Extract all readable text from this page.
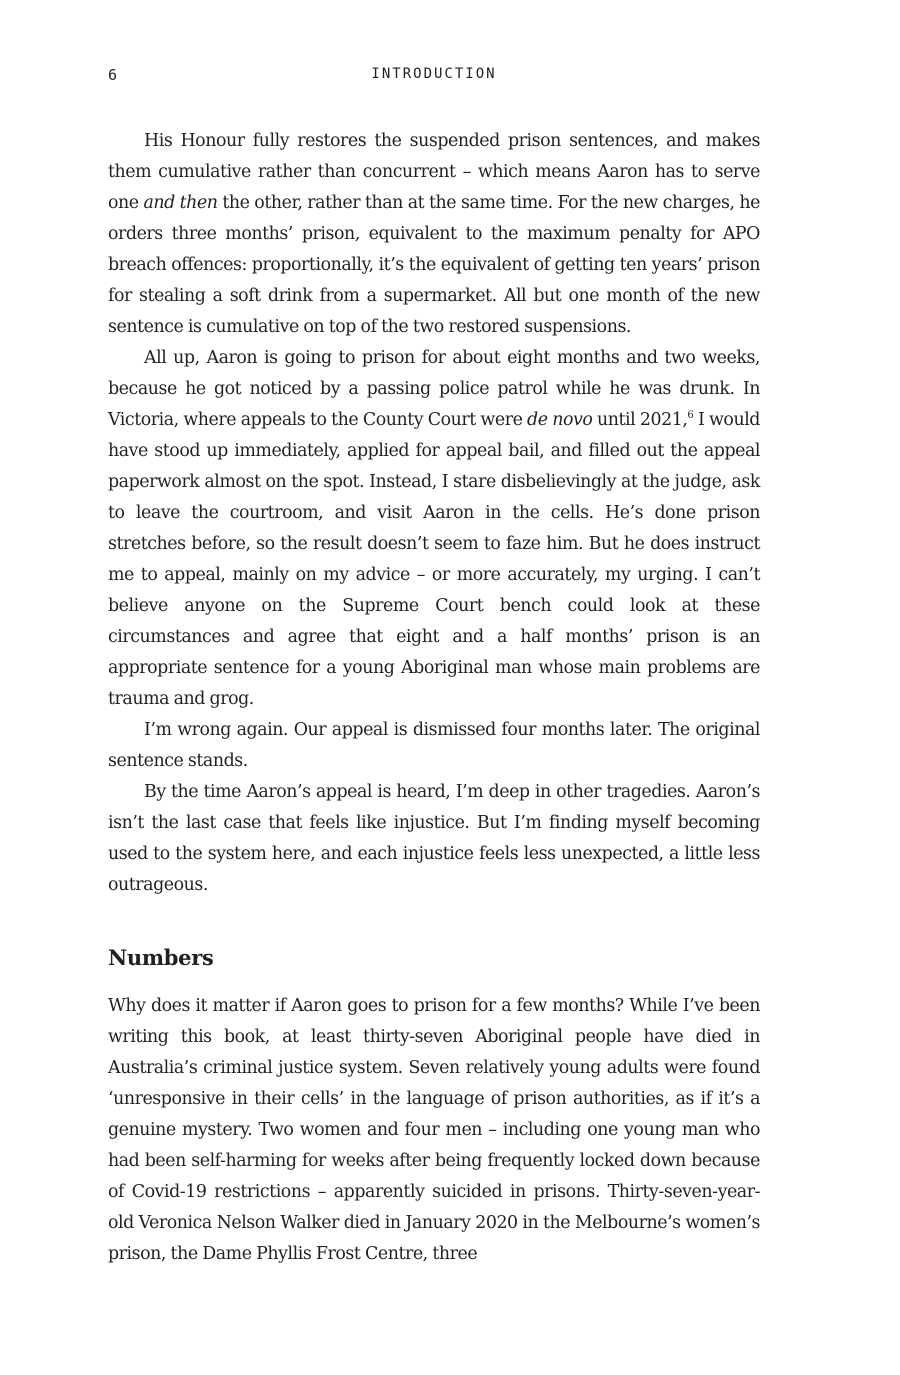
6	INTRODUCTION

His Honour fully restores the suspended prison sentences, and makes them cumulative rather than concurrent – which means Aaron has to serve one and then the other, rather than at the same time. For the new charges, he orders three months’ prison, equivalent to the maximum penalty for APO breach offences: proportionally, it’s the equivalent of getting ten years’ prison for stealing a soft drink from a supermarket. All but one month of the new sentence is cumulative on top of the two restored suspensions.

All up, Aaron is going to prison for about eight months and two weeks, because he got noticed by a passing police patrol while he was drunk. In Victoria, where appeals to the County Court were de novo until 2021,$^6$ I would have stood up immediately, applied for appeal bail, and filled out the appeal paperwork almost on the spot. Instead, I stare disbelievingly at the judge, ask to leave the courtroom, and visit Aaron in the cells. He’s done prison stretches before, so the result doesn’t seem to faze him. But he does instruct me to appeal, mainly on my advice – or more accurately, my urging. I can’t believe anyone on the Supreme Court bench could look at these circumstances and agree that eight and a half months’ prison is an appropriate sentence for a young Aboriginal man whose main problems are trauma and grog.

I’m wrong again. Our appeal is dismissed four months later. The original sentence stands.

By the time Aaron’s appeal is heard, I’m deep in other tragedies. Aaron’s isn’t the last case that feels like injustice. But I’m finding myself becoming used to the system here, and each injustice feels less unexpected, a little less outrageous.

Numbers

Why does it matter if Aaron goes to prison for a few months? While I’ve been writing this book, at least thirty-seven Aboriginal people have died in Australia’s criminal justice system. Seven relatively young adults were found ‘unresponsive in their cells’ in the language of prison authorities, as if it’s a genuine mystery. Two women and four men – including one young man who had been self-harming for weeks after being frequently locked down because of Covid-19 restrictions – apparently suicided in prisons. Thirty-seven-year-old Veronica Nelson Walker died in January 2020 in the Melbourne’s women’s prison, the Dame Phyllis Frost Centre, three
